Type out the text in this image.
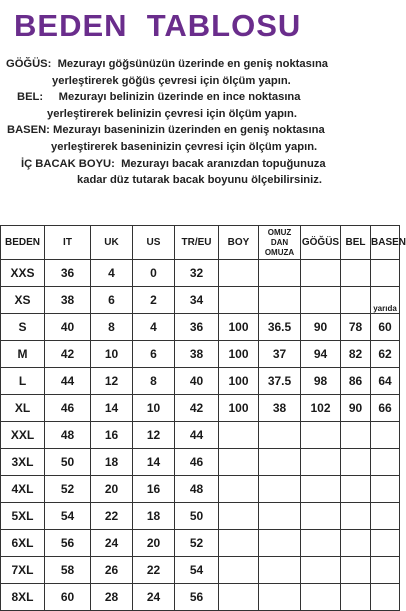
BEDEN  TABLOSU
GÖĞÜS: Mezurayı göğsünüzün üzerinde en geniş noktasına
yerleştirerek göğüs çevresi için ölçüm yapın.
BEL: Mezurayı belinizin üzerinde en ince noktasına
yerleştirerek belinizin çevresi için ölçüm yapın.
BASEN: Mezurayı baseninizin üzerinden en geniş noktasına
yerleştirerek baseninizin çevresi için ölçüm yapın.
İÇ BACAK BOYU: Mezurayı bacak aranızdan topuğunuza
kadar düz tutarak bacak boyunu ölçebilirsiniz.
BEDEN	IT	UK	US	TR/EU	BOY	OMUZ
DAN
OMUZA	GÖĞÜS	BEL	BASEN
XXS	36	4	0	32					
XS	38	6	2	34					yarıda
S	40	8	4	36	100	36.5	90	78	60
M	42	10	6	38	100	37	94	82	62
L	44	12	8	40	100	37.5	98	86	64
XL	46	14	10	42	100	38	102	90	66
XXL	48	16	12	44					
3XL	50	18	14	46					
4XL	52	20	16	48					
5XL	54	22	18	50					
6XL	56	24	20	52					
7XL	58	26	22	54					
8XL	60	28	24	56					
